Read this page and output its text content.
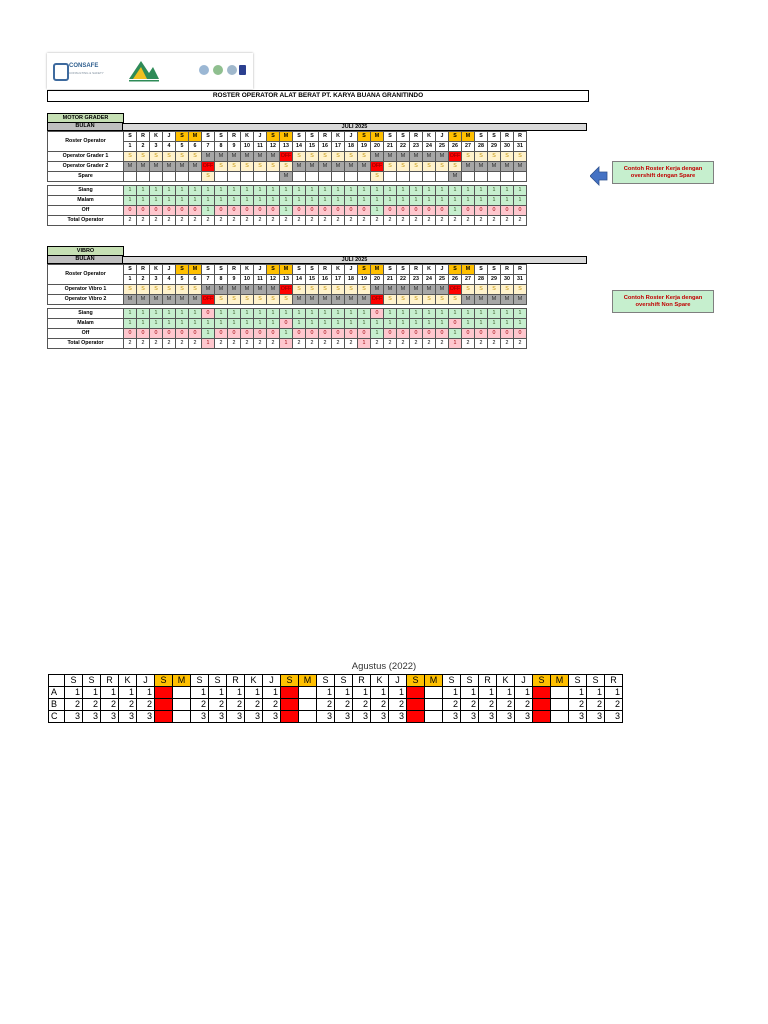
CONSAFE
CONSULTING & SAFETY
ROSTER OPERATOR ALAT BERAT PT. KARYA BUANA GRANITINDO
MOTOR GRADER
BULAN	JULI 2025
Roster Operator	S	R	K	J	S	M	S	S	R	K	J	S	M	S	S	R	K	J	S	M	S	S	R	K	J	S	M	S	S	R	R
	1	2	3	4	5	6	7	8	9	10	11	12	13	14	15	16	17	18	19	20	21	22	23	24	25	26	27	28	29	30	31
Operator Grader 1	S	S	S	S	S	S	M	M	M	M	M	M	OFF	S	S	S	S	S	S	M	M	M	M	M	M	OFF	S	S	S	S	S
Operator Grader 2	M	M	M	M	M	M	OFF	S	S	S	S	S	S	M	M	M	M	M	M	OFF	S	S	S	S	S	S	M	M	M	M	M
Spare							S						M							S						M					

Siang	1	1	1	1	1	1	1	1	1	1	1	1	1	1	1	1	1	1	1	1	1	1	1	1	1	1	1	1	1	1	1
Malam	1	1	1	1	1	1	1	1	1	1	1	1	1	1	1	1	1	1	1	1	1	1	1	1	1	1	1	1	1	1	1
Off	0	0	0	0	0	0	1	0	0	0	0	0	1	0	0	0	0	0	0	1	0	0	0	0	0	1	0	0	0	0	0
Total Operator	2	2	2	2	2	2	2	2	2	2	2	2	2	2	2	2	2	2	2	2	2	2	2	2	2	2	2	2	2	2	2
VIBRO
BULAN	JULI 2025
Roster Operator	S	R	K	J	S	M	S	S	R	K	J	S	M	S	S	R	K	J	S	M	S	S	R	K	J	S	M	S	S	R	R
	1	2	3	4	5	6	7	8	9	10	11	12	13	14	15	16	17	18	19	20	21	22	23	24	25	26	27	28	29	30	31
Operator Vibro 1	S	S	S	S	S	S	M	M	M	M	M	M	OFF	S	S	S	S	S	S	M	M	M	M	M	M	OFF	S	S	S	S	S
Operator Vibro 2	M	M	M	M	M	M	OFF	S	S	S	S	S	S	M	M	M	M	M	M	OFF	S	S	S	S	S	S	M	M	M	M	M

Siang	1	1	1	1	1	1	0	1	1	1	1	1	1	1	1	1	1	1	1	0	1	1	1	1	1	1	1	1	1	1	1
Malam	1	1	1	1	1	1	1	1	1	1	1	1	0	1	1	1	1	1	1	1	1	1	1	1	1	0	1	1	1	1	1
Off	0	0	0	0	0	0	1	0	0	0	0	0	1	0	0	0	0	0	0	1	0	0	0	0	0	1	0	0	0	0	0
Total Operator	2	2	2	2	2	2	1	2	2	2	2	2	1	2	2	2	2	2	1	2	2	2	2	2	2	1	2	2	2	2	2
Contoh Roster Kerja dengan overshift dengan Spare
Contoh Roster Kerja dengan overshift Non Spare
Agustus (2022)
	S	S	R	K	J	S	M	S	S	R	K	J	S	M	S	S	R	K	J	S	M	S	S	R	K	J	S	M	S	S	R
A	1	1	1	1	1			1	1	1	1	1			1	1	1	1	1			1	1	1	1	1			1	1	1
B	2	2	2	2	2			2	2	2	2	2			2	2	2	2	2			2	2	2	2	2			2	2	2
C	3	3	3	3	3			3	3	3	3	3			3	3	3	3	3			3	3	3	3	3			3	3	3
